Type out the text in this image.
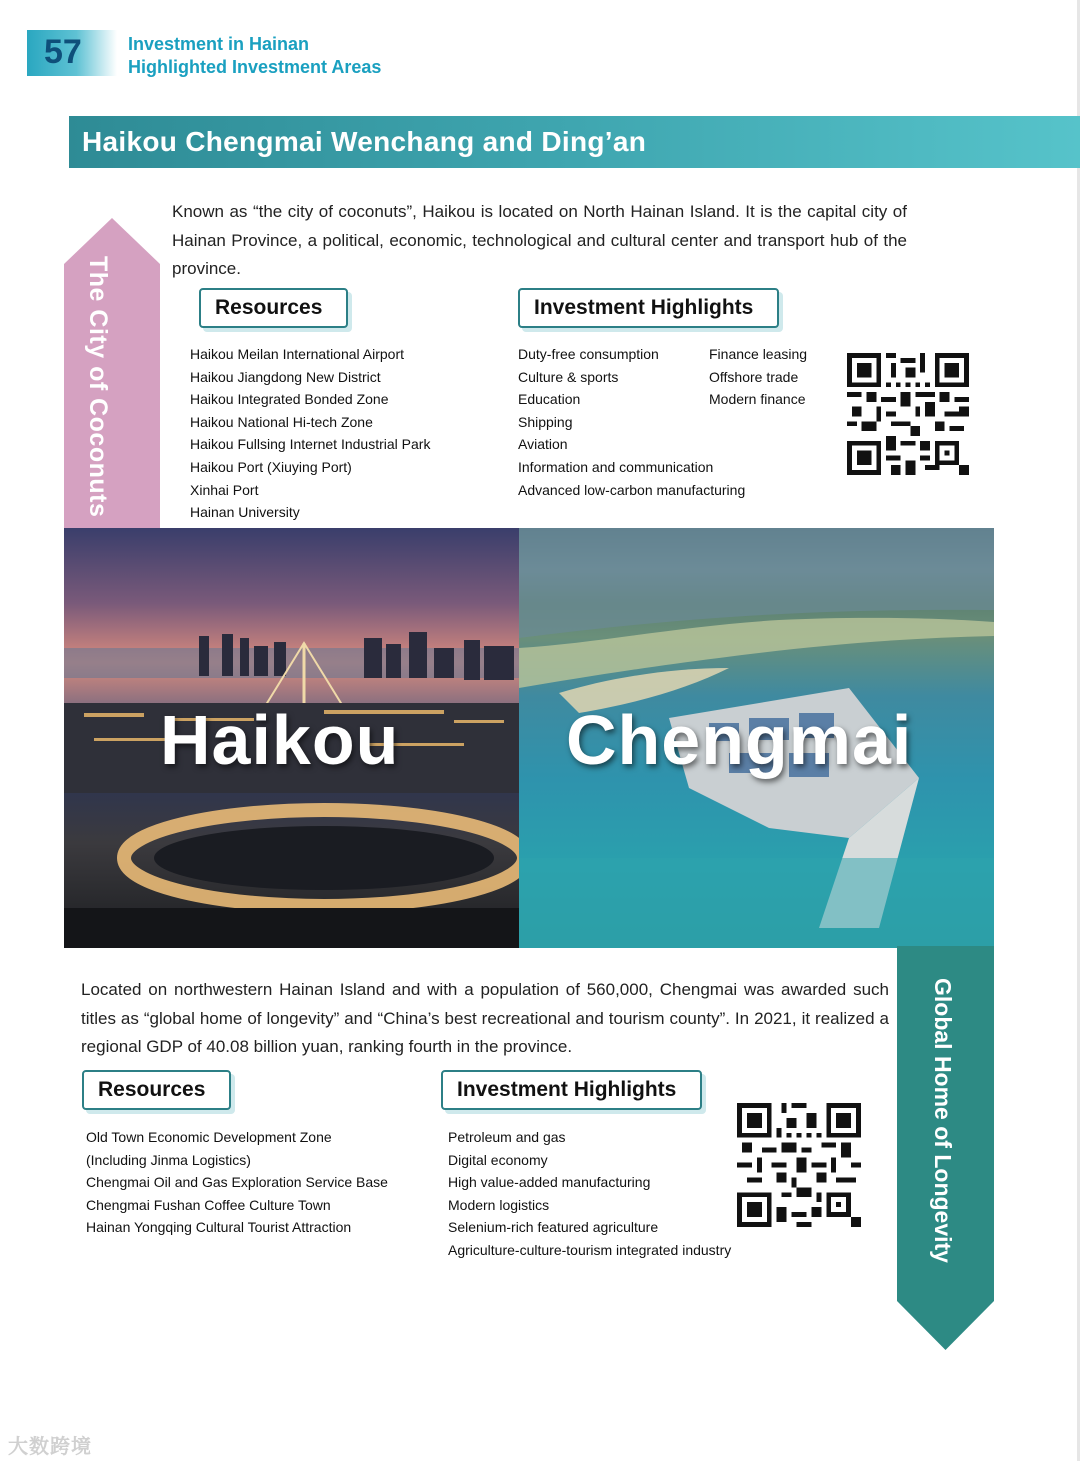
57	Investment in Hainan
Highlighted Investment Areas
Haikou Chengmai Wenchang and Ding’an
The City of Coconuts
Known as “the city of coconuts”, Haikou is located on North Hainan Island. It is the capital city of Hainan Province, a political, economic, technological and cultural center and transport hub of the province.
Resources	Investment Highlights
Haikou Meilan International Airport
Haikou Jiangdong New District
Haikou Integrated Bonded Zone
Haikou National Hi-tech Zone
Haikou Fullsing Internet Industrial Park
Haikou Port (Xiuying Port)
Xinhai Port
Hainan University
Duty-free consumption
Culture & sports
Education
Shipping
Aviation
Information and communication
Advanced low-carbon manufacturing
Finance leasing
Offshore trade
Modern finance
Haikou Chengmai
Global Home of Longevity
Located on northwestern Hainan Island and with a population of 560,000, Chengmai was awarded such titles as “global home of longevity” and “China’s best recreational and tourism county”. In 2021, it realized a regional GDP of 40.08 billion yuan, ranking fourth in the province.
Resources	Investment Highlights
Old Town Economic Development Zone
(Including Jinma Logistics)
Chengmai Oil and Gas Exploration Service Base
Chengmai Fushan Coffee Culture Town
Hainan Yongqing Cultural Tourist Attraction
Petroleum and gas
Digital economy
High value-added manufacturing
Modern logistics
Selenium-rich featured agriculture
Agriculture-culture-tourism integrated industry
大数跨境
